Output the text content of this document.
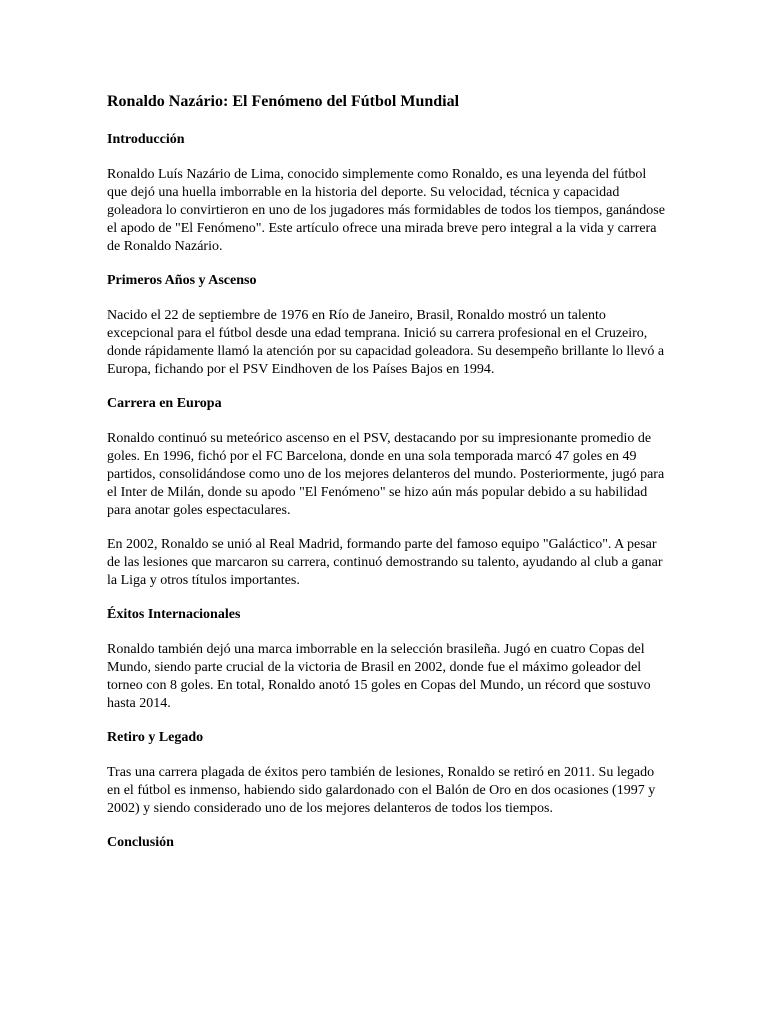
Ronaldo Nazário: El Fenómeno del Fútbol Mundial
Introducción

Ronaldo Luís Nazário de Lima, conocido simplemente como Ronaldo, es una leyenda del fútbol que dejó una huella imborrable en la historia del deporte. Su velocidad, técnica y capacidad goleadora lo convirtieron en uno de los jugadores más formidables de todos los tiempos, ganándose el apodo de "El Fenómeno". Este artículo ofrece una mirada breve pero integral a la vida y carrera de Ronaldo Nazário.

Primeros Años y Ascenso

Nacido el 22 de septiembre de 1976 en Río de Janeiro, Brasil, Ronaldo mostró un talento excepcional para el fútbol desde una edad temprana. Inició su carrera profesional en el Cruzeiro, donde rápidamente llamó la atención por su capacidad goleadora. Su desempeño brillante lo llevó a Europa, fichando por el PSV Eindhoven de los Países Bajos en 1994.

Carrera en Europa

Ronaldo continuó su meteórico ascenso en el PSV, destacando por su impresionante promedio de goles. En 1996, fichó por el FC Barcelona, donde en una sola temporada marcó 47 goles en 49 partidos, consolidándose como uno de los mejores delanteros del mundo. Posteriormente, jugó para el Inter de Milán, donde su apodo "El Fenómeno" se hizo aún más popular debido a su habilidad para anotar goles espectaculares.

En 2002, Ronaldo se unió al Real Madrid, formando parte del famoso equipo "Galáctico". A pesar de las lesiones que marcaron su carrera, continuó demostrando su talento, ayudando al club a ganar la Liga y otros títulos importantes.

Éxitos Internacionales

Ronaldo también dejó una marca imborrable en la selección brasileña. Jugó en cuatro Copas del Mundo, siendo parte crucial de la victoria de Brasil en 2002, donde fue el máximo goleador del torneo con 8 goles. En total, Ronaldo anotó 15 goles en Copas del Mundo, un récord que sostuvo hasta 2014.

Retiro y Legado

Tras una carrera plagada de éxitos pero también de lesiones, Ronaldo se retiró en 2011. Su legado en el fútbol es inmenso, habiendo sido galardonado con el Balón de Oro en dos ocasiones (1997 y 2002) y siendo considerado uno de los mejores delanteros de todos los tiempos.

Conclusión
